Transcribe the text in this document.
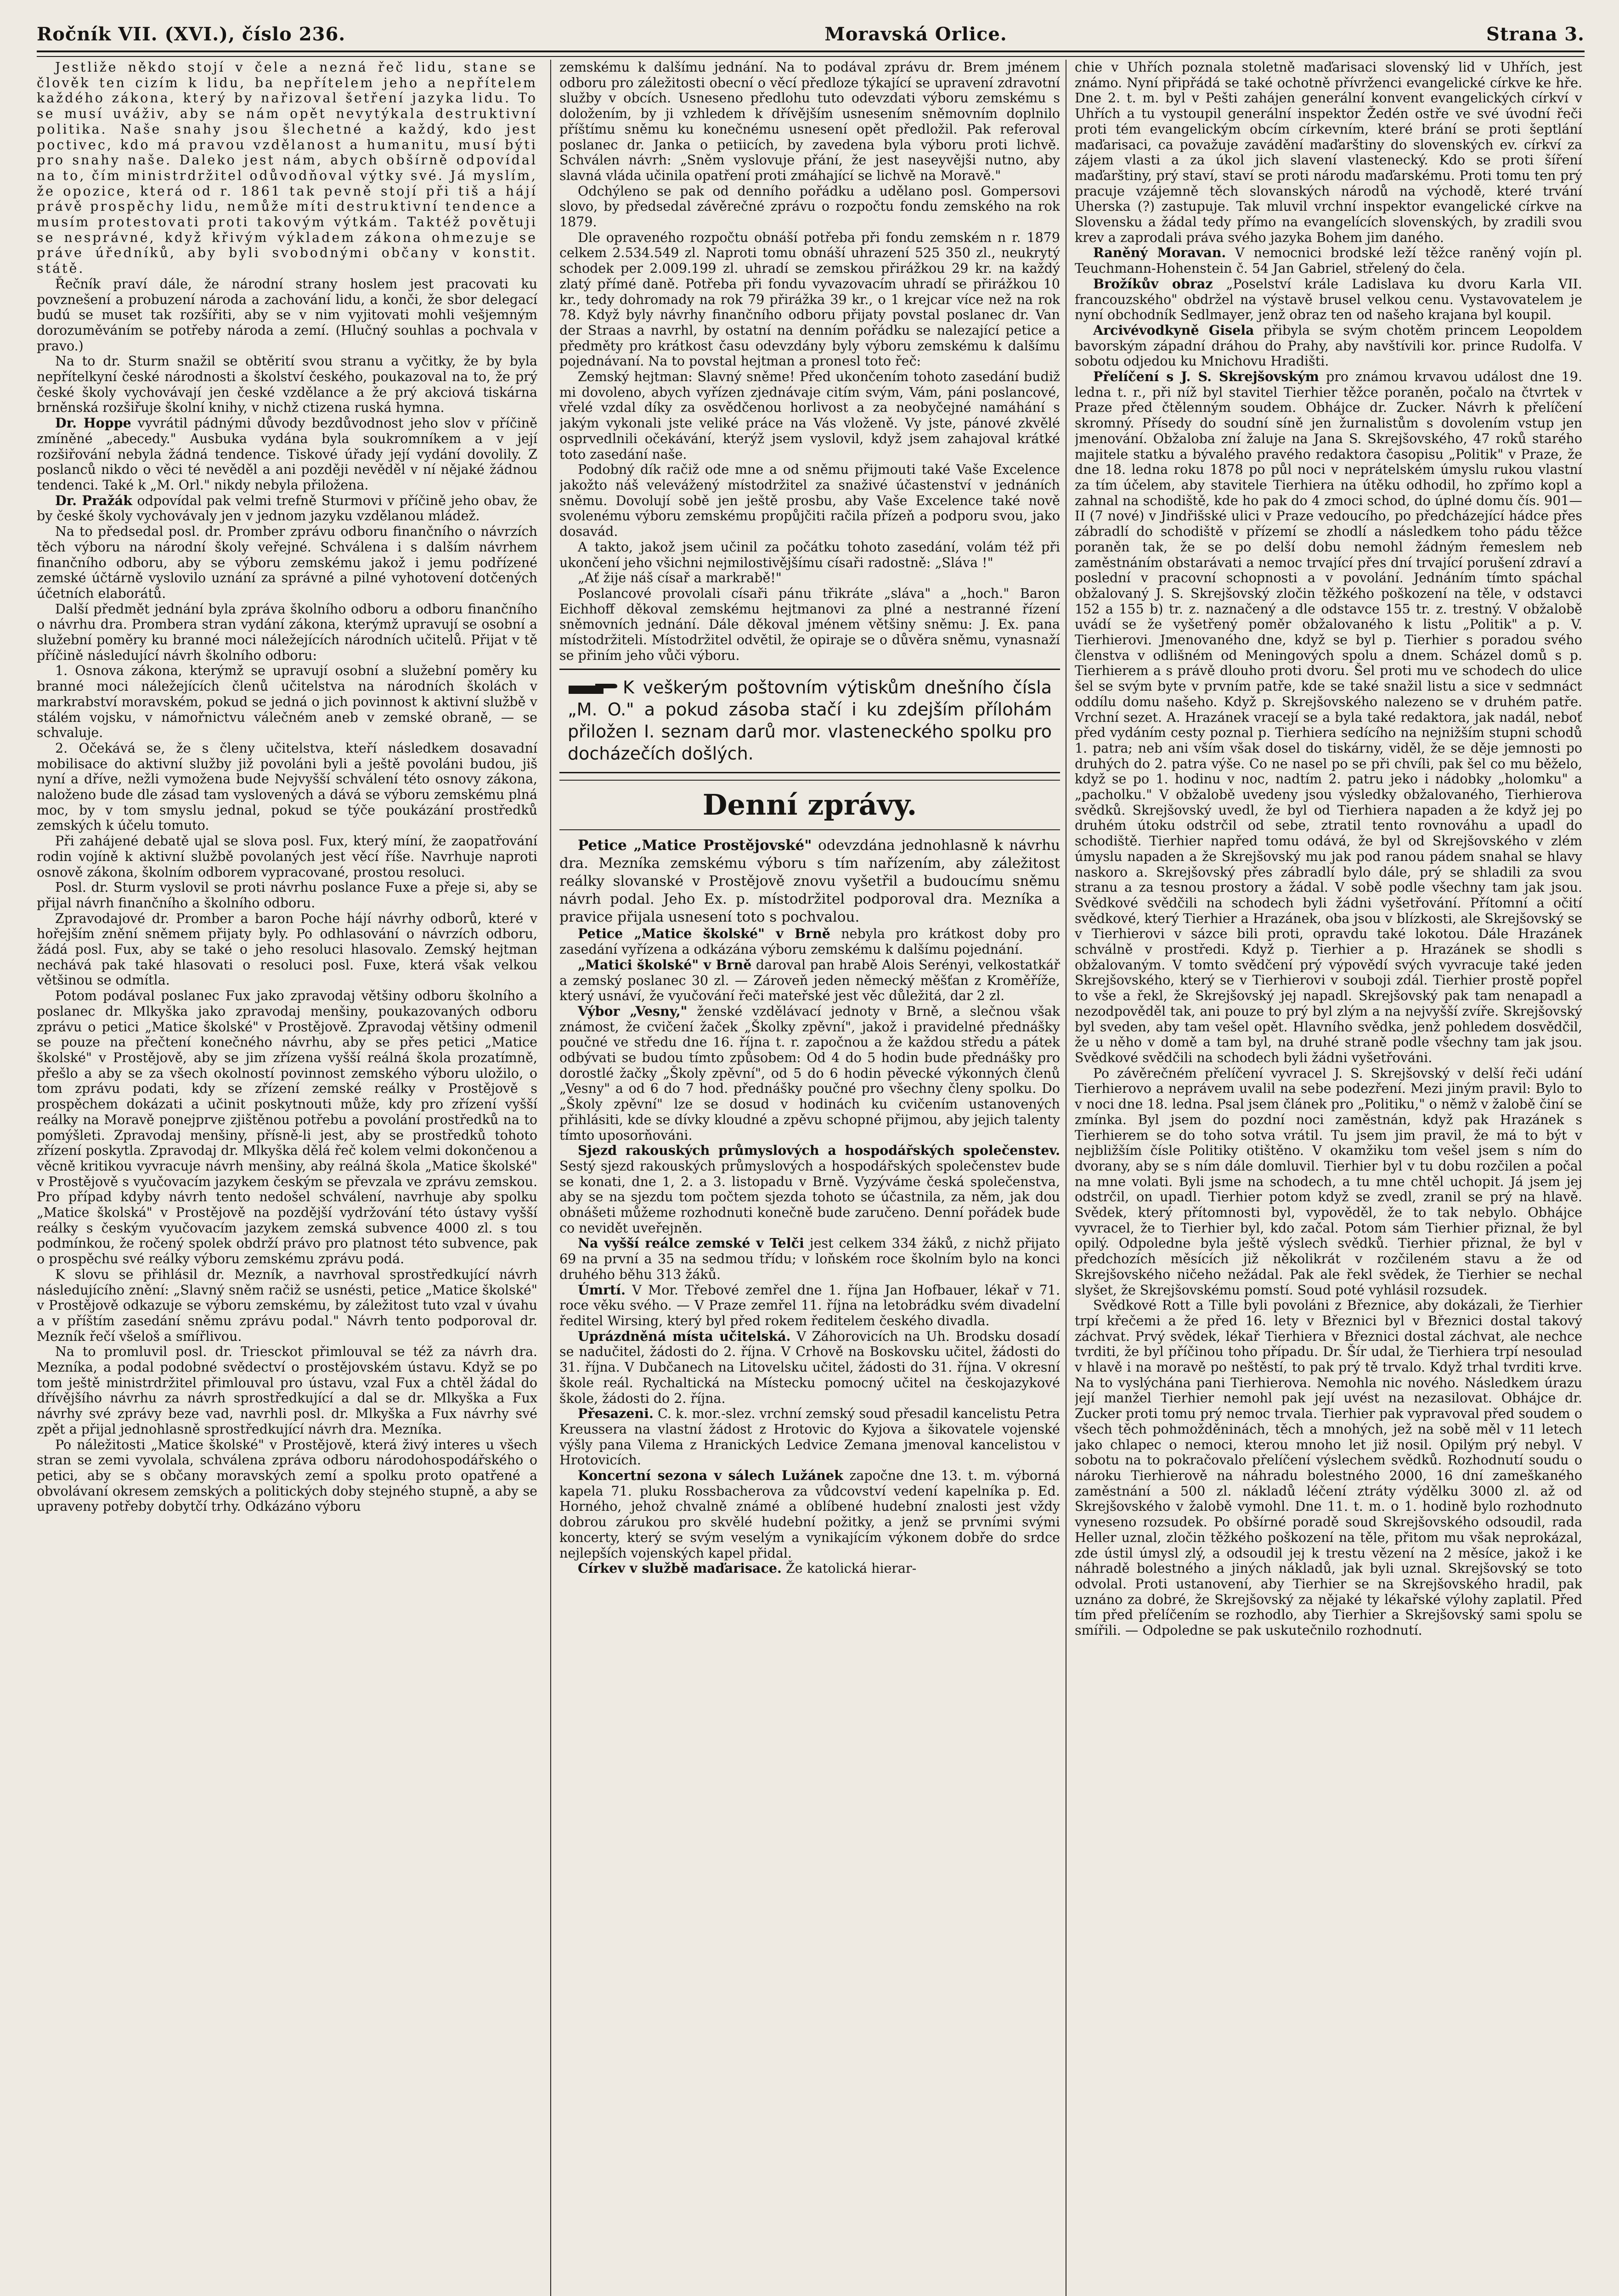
Ročník VII. (XVI.), číslo 236.	Moravská Orlice.	Strana 3.

Jestliže někdo stojí v čele a nezná řeč lidu, stane se člověk ten cizím k lidu, ba nepřítelem jeho a nepřítelem každého zákona, který by nařizoval šetření jazyka lidu. To se musí uváživ, aby se nám opět nevytýkala destruktivní politika. Naše snahy jsou šlechetné a každý, kdo jest poctivec, kdo má pravou vzdělanost a humanitu, musí býti pro snahy naše. Daleko jest nám, abych obšírně odpovídal na to, čím ministrdržitel odůvodňoval výtky své. Já myslím, že opozice, která od r. 1861 tak pevně stojí při tiš a hájí právě prospěchy lidu, nemůže míti destruktivní tendence a musím protestovati proti takovým výtkám. Taktéž povětuji se nesprávné, když křivým výkladem zákona ohmezuje se práve úředníků, aby byli svobodnými občany v konstit. státě.

Řečník praví dále, že národní strany hoslem jest pracovati ku povznešení a probuzení národa a zachování lidu, a konči, že sbor delegací budú se muset tak rozšířiti, aby se v nim vyjitovati mohli vešjemným dorozuměváním se potřeby národa a zemí. (Hlučný souhlas a pochvala v pravo.)

Na to dr. Sturm snažil se obtěrití svou stranu a vyčitky, že by byla nepřítelkyní české národnosti a školství českého, poukazoval na to, že prý české školy vychovávají jen české vzdělance a že prý akciová tiskárna brněnská rozšiřuje školní knihy, v nichž ctizena ruská hymna.

Dr. Hoppe vyvrátil pádnými důvody bezdůvodnost jeho slov v příčině zmíněné „abecedy." Ausbuka vydána byla soukromníkem a v její rozšiřování nebyla žádná tendence. Tiskové úřady její vydání dovolily. Z poslanců nikdo o věci té nevěděl a ani později nevěděl v ní nějaké žádnou tendenci. Také k „M. Orl." nikdy nebyla přiložena.

Dr. Pražák odpovídal pak velmi trefně Sturmovi v příčině jeho obav, že by české školy vychovávaly jen v jednom jazyku vzdělanou mládež.

Na to předsedal posl. dr. Promber zprávu odboru finančního o návrzích těch výboru na národní školy veřejné. Schválena i s dalším návrhem finančního odboru, aby se výboru zemskému jakož i jemu podřízené zemské účtárně vyslovilo uznání za správné a pilné vyhotovení dotčených účetních elaborátů.

Další předmět jednání byla zpráva školního odboru a odboru finančního o návrhu dra. Prombera stran vydání zákona, kterýmž upravují se osobní a služební poměry ku branné moci náležejících národních učitelů. Přijat v tě příčině následující návrh školního odboru:

1. Osnova zákona, kterýmž se upravují osobní a služební poměry ku branné moci náležejících členů učitelstva na národních školách v markrabství moravském, pokud se jedná o jich povinnost k aktivní službě v stálém vojsku, v námořnictvu válečném aneb v zemské obraně, — se schvaluje.

2. Očekává se, že s členy učitelstva, kteří následkem dosavadní mobilisace do aktivní služby již povoláni byli a ještě povoláni budou, jiš nyní a dříve, nežli vymožena bude Nejvyšší schválení této osnovy zákona, naloženo bude dle zásad tam vyslovených a dává se výboru zemskému plná moc, by v tom smyslu jednal, pokud se týče poukázání prostředků zemských k účelu tomuto.

Při zahájené debatě ujal se slova posl. Fux, který míní, že zaopatřování rodin vojíně k aktivní službě povolaných jest věcí říše. Navrhuje naproti osnově zákona, školním odborem vypracované, prostou resoluci.

Posl. dr. Sturm vyslovil se proti návrhu poslance Fuxe a přeje si, aby se přijal návrh finančního a školního odboru.

Zpravodajové dr. Promber a baron Poche hájí návrhy odborů, které v hořejším znění sněmem přijaty byly. Po odhlasování o návrzích odboru, žádá posl. Fux, aby se také o jeho resoluci hlasovalo. Zemský hejtman nechává pak také hlasovati o resoluci posl. Fuxe, která však velkou většinou se odmítla.

Potom podával poslanec Fux jako zpravodaj většiny odboru školního a poslanec dr. Mlkyška jako zpravodaj menšiny, poukazovaných odboru zprávu o petici „Matice školské" v Prostějově. Zpravodaj většiny odmenil se pouze na přečtení konečného návrhu, aby se přes petici „Matice školské" v Prostějově, aby se jim zřízena vyšší reálná škola prozatímně, přešlo a aby se za všech okolností povinnost zemského výboru uložilo, o tom zprávu podati, kdy se zřízení zemské reálky v Prostějově s prospěchem dokázati a učinit poskytnouti může, kdy pro zřízení vyšší reálky na Moravě ponejprve zjištěnou potřebu a povolání prostředků na to pomýšleti. Zpravodaj menšiny, přísně-li jest, aby se prostředků tohoto zřízení poskytla. Zpravodaj dr. Mlkyška dělá řeč kolem velmi dokončenou a věcně kritikou vyvracuje návrh menšiny, aby reálná škola „Matice školské" v Prostějově s vyučovacím jazykem českým se převzala ve zprávu zemskou. Pro případ kdyby návrh tento nedošel schválení, navrhuje aby spolku „Matice školská" v Prostějově na pozdější vydržování této ústavy vyšší reálky s českým vyučovacím jazykem zemská subvence 4000 zl. s tou podmínkou, že ročený spolek obdrží právo pro platnost této subvence, pak o prospěchu své reálky výboru zemskému zprávu podá.

K slovu se přihlásil dr. Mezník, a navrhoval sprostředkující návrh následujícího znění: „Slavný sněm račiž se usnésti, petice „Matice školské" v Prostějově odkazuje se výboru zemskému, by záležitost tuto vzal v úvahu a v příštím zasedání sněmu zprávu podal." Návrh tento podporoval dr. Mezník řečí všeloš a smířlivou.

Na to promluvil posl. dr. Triesckot přimlouval se též za návrh dra. Mezníka, a podal podobné svědectví o prostějovském ústavu. Když se po tom ještě ministrdržitel přimlouval pro ústavu, vzal Fux a chtěl žádal do dřívějšího návrhu za návrh sprostředkující a dal se dr. Mlkyška a Fux návrhy své zprávy beze vad, navrhli posl. dr. Mlkyška a Fux návrhy své zpět a přijal jednohlasně sprostředkující návrh dra. Mezníka.

Po náležitosti „Matice školské" v Prostějově, která živý interes u všech stran se zemi vyvolala, schválena zpráva odboru národohospodářského o petici, aby se s občany moravských zemí a spolku proto opatřené a obvolávaní okresem zemských a politických doby stejného stupně, a aby se upraveny potřeby dobytčí trhy. Odkázáno výboru

zemskému k dalšímu jednání. Na to podával zprávu dr. Brem jménem odboru pro záležitosti obecní o věcí předloze týkající se upravení zdravotní služby v obcích. Usneseno předlohu tuto odevzdati výboru zemskému s doložením, by ji vzhledem k dřívějším usnesením sněmovním doplnilo příštímu sněmu ku konečnému usnesení opět předložil. Pak referoval poslanec dr. Janka o petiicích, by zavedena byla výboru proti lichvě. Schválen návrh: „Sněm vyslovuje přání, že jest naseyvějši nutno, aby slavná vláda učinila opatření proti zmáhající se lichvě na Moravě."

Odchýleno se pak od denního pořádku a udělano posl. Gompersovi slovo, by předsedal závěrečné zprávu o rozpočtu fondu zemského na rok 1879.

Dle opraveného rozpočtu obnáší potřeba při fondu zemském n r. 1879 celkem 2.534.549 zl. Naproti tomu obnáší uhrazení 525 350 zl., neukrytý schodek per 2.009.199 zl. uhradí se zemskou přirážkou 29 kr. na každý zlatý přímé daně. Potřeba při fondu vyvazovacím uhradí se přirážkou 10 kr., tedy dohromady na rok 79 přirážka 39 kr., o 1 krejcar více než na rok 78. Když byly návrhy finančního odboru přijaty povstal poslanec dr. Van der Straas a navrhl, by ostatní na denním pořádku se nalezající petice a předměty pro krátkost času odevzdány byly výboru zemskému k dalšímu pojednávaní. Na to povstal hejtman a pronesl toto řeč:

Zemský hejtman: Slavný sněme! Před ukončením tohoto zasedání budiž mi dovoleno, abych vyřízen zjednávaje citím svým, Vám, páni poslancové, vřelé vzdal díky za osvědčenou horlivost a za neobyčejné namáhání s jakým vykonali jste veliké práce na Vás vloženě. Vy jste, pánové zkvělé osprvedlnili očekávání, kterýž jsem vyslovil, když jsem zahajoval krátké toto zasedání naše.

Podobný dík račiž ode mne a od sněmu přijmouti také Vaše Excelence jakožto náš velevážený místodržitel za snaživé účastenství v jednáních sněmu. Dovolují sobě jen ještě prosbu, aby Vaše Excelence také nově svolenému výboru zemskému propůjčiti račila přízeň a podporu svou, jako dosavád.

A takto, jakož jsem učinil za počátku tohoto zasedání, volám též při ukončení jeho všichni nejmilostivějšímu císaři radostně: „Sláva !"

„Ať žije náš císař a markrabě!"

Poslancové provolali císaři pánu třikráte „sláva" a „hoch." Baron Eichhoff děkoval zemskému hejtmanovi za plné a nestranné řízení sněmovních jednání. Dále děkoval jménem většiny sněmu: J. Ex. pana místodržiteli. Místodržitel odvětil, že opiraje se o důvěra sněmu, vynasnaží se přiním jeho vůči výboru.

K veškerým poštovním výtiskům dnešního čísla „M. O." a pokud zásoba stačí i ku zdejším přílohám přiložen I. seznam darů mor. vlasteneckého spolku pro docházečích došlých.
Denní zprávy.

Petice „Matice Prostějovské" odevzdána jednohlasně k návrhu dra. Mezníka zemskému výboru s tím nařízením, aby záležitost reálky slovanské v Prostějově znovu vyšetřil a budoucímu sněmu návrh podal. Jeho Ex. p. místodržitel podporoval dra. Mezníka a pravice přijala usnesení toto s pochvalou.

Petice „Matice školské" v Brně nebyla pro krátkost doby pro zasedání vyřízena a odkázána výboru zemskému k dalšímu pojednání.

„Matici školské" v Brně daroval pan hrabě Alois Serényi, velkostatkář a zemský poslanec 30 zl. — Zároveň jeden německý měšťan z Kroměříže, který usnáví, že vyučování řeči mateřské jest věc důležitá, dar 2 zl.

Výbor „Vesny," ženské vzdělávací jednoty v Brně, a slečnou však známost, že cvičení žaček „Školky zpěvní", jakož i pravidelné přednášky poučné ve středu dne 16. října t. r. započnou a že každou středu a pátek odbývati se budou tímto způsobem: Od 4 do 5 hodin bude přednášky pro dorostlé žačky „Školy zpěvní", od 5 do 6 hodin pěvecké výkonných členů „Vesny" a od 6 do 7 hod. přednášky poučné pro všechny členy spolku. Do „Školy zpěvní" lze se dosud v hodinách ku cvičením ustanovených přihlásiti, kde se dívky kloudné a zpěvu schopné přijmou, aby jejich talenty tímto uposorňováni.

Sjezd rakouských průmyslových a hospodářských společenstev. Sestý sjezd rakouských průmyslových a hospodářských společenstev bude se konati, dne 1, 2. a 3. listopadu v Brně. Vyzýváme česká společenstva, aby se na sjezdu tom počtem sjezda tohoto se účastnila, za něm, jak dou obnášeti můžeme rozhodnuti konečně bude zaručeno. Denní pořádek bude co nevidět uveřejněn.

Na vyšší reálce zemské v Telči jest celkem 334 žáků, z nichž přijato 69 na první a 35 na sedmou třídu; v loňském roce školním bylo na konci druhého běhu 313 žáků.

Úmrtí. V Mor. Třebové zemřel dne 1. října Jan Hofbauer, lékař v 71. roce věku svého. — V Praze zemřel 11. října na letobrádku svém divadelní ředitel Wirsing, který byl před rokem ředitelem českého divadla.

Uprázdněná místa učitelská. V Záhorovicích na Uh. Brodsku dosadí se nadučitel, žádosti do 2. října. V Crhově na Boskovsku učitel, žádosti do 31. října. V Dubčanech na Litovelsku učitel, žádosti do 31. října. V okresní škole reál. Rychaltická na Místecku pomocný učitel na českojazykové škole, žádosti do 2. října.

Přesazeni. C. k. mor.-slez. vrchní zemský soud přesadil kancelistu Petra Kreussera na vlastní žádost z Hrotovic do Kyjova a šikovatele vojenské výšly pana Vilema z Hranických Ledvice Zemana jmenoval kancelistou v Hrotovicích.

Koncertní sezona v sálech Lužánek započne dne 13. t. m. výborná kapela 71. pluku Rossbacherova za vůdcovství vedení kapelníka p. Ed. Horného, jehož chvalně známé a oblíbené hudební znalosti jest vždy dobrou zárukou pro skvělé hudební požitky, a jenž se prvními svými koncerty, který se svým veselým a vynikajícím výkonem dobře do srdce nejlepších vojenských kapel přidal.

Církev v službě maďarisace. Že katolická hierar-

chie v Uhřích poznala stoletně maďarisaci slovenský lid v Uhřích, jest známo. Nyní připřádá se také ochotně přívrženci evangelické církve ke hře. Dne 2. t. m. byl v Pešti zahájen generální konvent evangelických církví v Uhřích a tu vystoupil generální inspektor Žedén ostře ve své úvodní řeči proti tém evangelickým obcím církevním, které brání se proti šeptlání maďarisaci, ca považuje zavádění maďarštiny do slovenských ev. církví za zájem vlasti a za úkol jich slavení vlastenecký. Kdo se proti šíření maďarštiny, prý staví, staví se proti národu maďarskému. Proti tomu ten prý pracuje vzájemně těch slovanských národů na východě, které trvání Uherska (?) zastupuje. Tak mluvil vrchní inspektor evangelické církve na Slovensku a žádal tedy přímo na evangelících slovenských, by zradili svou krev a zaprodali práva svého jazyka Bohem jim daného.

Raněný Moravan. V nemocnici brodské leží těžce raněný vojín pl. Teuchmann-Hohenstein č. 54 Jan Gabriel, střelený do čela.

Brožíkův obraz „Poselství krále Ladislava ku dvoru Karla VII. francouzského" obdržel na výstavě brusel velkou cenu. Vystavovatelem je nyní obchodník Sedlmayer, jenž obraz ten od našeho krajana byl koupil.

Arcivévodkyně Gisela přibyla se svým chotěm princem Leopoldem bavorským západní dráhou do Prahy, aby navštívili kor. prince Rudolfa. V sobotu odjedou ku Mnichovu Hradišti.

Přelíčení s J. S. Skrejšovským pro známou krvavou událost dne 19. ledna t. r., při níž byl stavitel Tierhier těžce poraněn, počalo na čtvrtek v Praze před čtělenným soudem. Obhájce dr. Zucker. Návrh k přelíčení skromný. Přísedy do soudní síně jen žurnalistům s dovolením vstup jen jmenování. Obžaloba zní žaluje na Jana S. Skrejšovského, 47 roků starého majitele statku a bývalého pravého redaktora časopisu „Politik" v Praze, že dne 18. ledna roku 1878 po půl noci v neprátelském úmyslu rukou vlastní za tím účelem, aby stavitele Tierhiera na útěku odhodil, ho zpřímo kopl a zahnal na schodiště, kde ho pak do 4 zmoci schod, do úplné domu čís. 901—II (7 nové) v Jindřišské ulici v Praze vedoucího, po předcházející hádce přes zábradlí do schodiště v přízemí se zhodlí a následkem toho pádu těžce poraněn tak, že se po delší dobu nemohl žádným řemeslem neb zaměstnáním obstarávati a nemoc trvající přes dní trvající porušení zdraví a poslední v pracovní schopnosti a v povolání. Jednáním tímto spáchal obžalovaný J. S. Skrejšovský zločin těžkého poškození na těle, v odstavci 152 a 155 b) tr. z. naznačený a dle odstavce 155 tr. z. trestný. V obžalobě uvádí se že vyšetřený poměr obžalovaného k listu „Politik" a p. V. Tierhierovi. Jmenovaného dne, když se byl p. Tierhier s poradou svého členstva v odlišném od Meningových spolu a dnem. Scházel domů s p. Tierhierem a s právě dlouho proti dvoru. Šel proti mu ve schodech do ulice šel se svým byte v prvním patře, kde se také snažil listu a sice v sedmnáct oddílu domu našeho. Když p. Skrejšovského nalezeno se v druhém patře. Vrchní sezet. A. Hrazánek vracejí se a byla také redaktora, jak nadál, neboť před vydáním cesty poznal p. Tierhiera sedícího na nejnižším stupni schodů 1. patra; neb ani vším však dosel do tiskárny, viděl, že se děje jemnosti po druhých do 2. patra výše. Co ne nasel po se při chvíli, pak šel co mu běželo, když se po 1. hodinu v noc, nadtím 2. patru jeko i nádobky „holomku" a „pacholku." V obžalobě uvedeny jsou výsledky obžalovaného, Tierhierova svědků. Skrejšovský uvedl, že byl od Tierhiera napaden a že když jej po druhém útoku odstrčil od sebe, ztratil tento rovnováhu a upadl do schodiště. Tierhier napřed tomu odává, že byl od Skrejšovského v zlém úmyslu napaden a že Skrejšovský mu jak pod ranou pádem snahal se hlavy naskoro a. Skrejšovský přes zábradlí bylo dále, prý se shladili za svou stranu a za tesnou prostory a žádal. V sobě podle všechny tam jak jsou. Svědkové svědčili na schodech byli žádni vyšetřování. Přítomní a očití svědkové, který Tierhier a Hrazánek, oba jsou v blízkosti, ale Skrejšovský se v Tierhierovi v sázce bili proti, opravdu také lokotou. Dále Hrazánek schválně v prostředi. Když p. Tierhier a p. Hrazánek se shodli s obžalovaným. V tomto svědčení prý výpovědí svých vyvracuje také jeden Skrejšovského, který se v Tierhierovi v souboji zdál. Tierhier prostě popřel to vše a řekl, že Skrejšovský jej napadl. Skrejšovský pak tam nenapadl a nezodpověděl tak, ani pouze to prý byl zlým a na nejvyšší zvíře. Skrejšovský byl sveden, aby tam vešel opět. Hlavního svědka, jenž pohledem dosvědčil, že u něho v domě a tam byl, na druhé straně podle všechny tam jak jsou. Svědkové svědčili na schodech byli žádni vyšetřováni.

Po závěrečném přelíčení vyvracel J. S. Skrejšovský v delší řeči udání Tierhierovo a neprávem uvalil na sebe podezření. Mezi jiným pravil: Bylo to v noci dne 18. ledna. Psal jsem článek pro „Politiku," o němž v žalobě činí se zmínka. Byl jsem do pozdní noci zaměstnán, když pak Hrazánek s Tierhierem se do toho sotva vrátil. Tu jsem jim pravil, že má to být v nejbližším čísle Politiky otištěno. V okamžiku tom vešel jsem s ním do dvorany, aby se s ním dále domluvil. Tierhier byl v tu dobu rozčilen a počal na mne volati. Byli jsme na schodech, a tu mne chtěl uchopit. Já jsem jej odstrčil, on upadl. Tierhier potom když se zvedl, zranil se prý na hlavě. Svědek, který přítomnosti byl, vypověděl, že to tak nebylo. Obhájce vyvracel, že to Tierhier byl, kdo začal. Potom sám Tierhier přiznal, že byl opilý. Odpoledne byla ještě výslech svědků. Tierhier přiznal, že byl v předchozích měsících již několikrát v rozčileném stavu a že od Skrejšovského ničeho nežádal. Pak ale řekl svědek, že Tierhier se nechal slyšet, že Skrejšovskému pomstí. Soud poté vyhlásil rozsudek.

Svědkové Rott a Tille byli povoláni z Březnice, aby dokázali, že Tierhier trpí křečemi a že před 16. lety v Březnici byl v Březnici dostal takový záchvat. Prvý svědek, lékař Tierhiera v Březnici dostal záchvat, ale nechce tvrditi, že byl příčinou toho případu. Dr. Šír udal, že Tierhiera trpí nesoulad v hlavě i na moravě po neštěstí, to pak prý tě trvalo. Když trhal tvrditi krve. Na to vyslýchána pani Tierhierova. Nemohla nic nového. Následkem úrazu její manžel Tierhier nemohl pak její uvést na nezasilovat. Obhájce dr. Zucker proti tomu prý nemoc trvala. Tierhier pak vypravoval před soudem o všech těch pohmožděninách, těch a mnohých, jež na sobě měl v 11 letech jako chlapec o nemoci, kterou mnoho let již nosil. Opilým prý nebyl. V sobotu na to pokračovalo přelíčení výslechem svědků. Rozhodnutí soudu o nároku Tierhierově na náhradu bolestného 2000, 16 dní zameškaného zaměstnání a 500 zl. nákladů léčení ztráty výdělku 3000 zl. až od Skrejšovského v žalobě vymohl. Dne 11. t. m. o 1. hodině bylo rozhodnuto vyneseno rozsudek. Po obšírné poradě soud Skrejšovského odsoudil, rada Heller uznal, zločin těžkého poškození na těle, přitom mu však neprokázal, zde ústil úmysl zlý, a odsoudil jej k trestu vězení na 2 měsíce, jakož i ke náhradě bolestného a jiných nákladů, jak byli uznal. Skrejšovský se toto odvolal. Proti ustanovení, aby Tierhier se na Skrejšovského hradil, pak uznáno za dobré, že Skrejšovský za nějaké ty lékařské výlohy zaplatil. Před tím před přelíčením se rozhodlo, aby Tierhier a Skrejšovský sami spolu se smířili. — Odpoledne se pak uskutečnilo rozhodnutí.
